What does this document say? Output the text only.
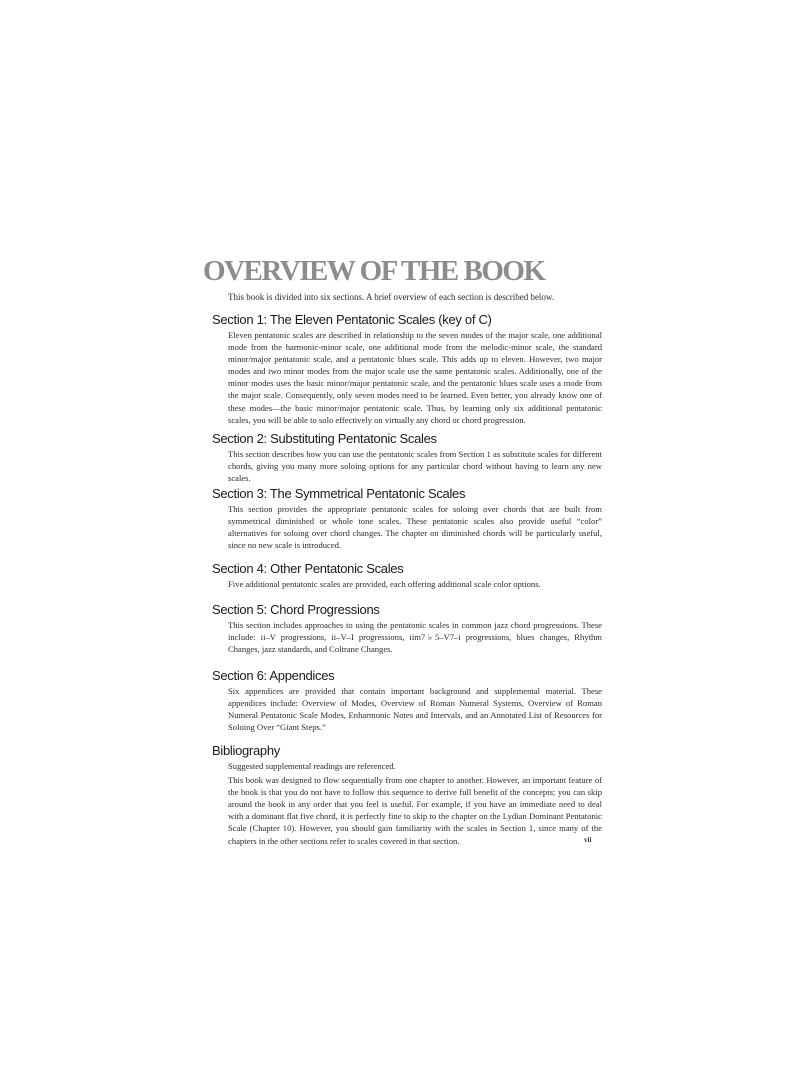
OVERVIEW OF THE BOOK

This book is divided into six sections. A brief overview of each section is described below.

Section 1: The Eleven Pentatonic Scales (key of C)

Eleven pentatonic scales are described in relationship to the seven modes of the major scale, one additional mode from the harmonic-minor scale, one additional mode from the melodic-minor scale, the standard minor/major pentatonic scale, and a pentatonic blues scale. This adds up to eleven. However, two major modes and two minor modes from the major scale use the same pentatonic scales. Additionally, one of the minor modes uses the basic minor/major pentatonic scale, and the pentatonic blues scale uses a mode from the major scale. Consequently, only seven modes need to be learned. Even better, you already know one of these modes—the basic minor/major pentatonic scale. Thus, by learning only six additional pentatonic scales, you will be able to solo effectively on virtually any chord or chord progression.

Section 2: Substituting Pentatonic Scales

This section describes how you can use the pentatonic scales from Section 1 as substitute scales for different chords, giving you many more soloing options for any particular chord without having to learn any new scales.

Section 3: The Symmetrical Pentatonic Scales

This section provides the appropriate pentatonic scales for soloing over chords that are built from symmetrical diminished or whole tone scales. These pentatonic scales also provide useful “color” alternatives for soloing over chord changes. The chapter on diminished chords will be particularly useful, since no new scale is introduced.

Section 4: Other Pentatonic Scales

Five additional pentatonic scales are provided, each offering additional scale color options.

Section 5: Chord Progressions

This section includes approaches to using the pentatonic scales in common jazz chord progressions. These include: ii–V progressions, ii–V–I progressions, iim7♭5–V7–i progressions, blues changes, Rhythm Changes, jazz standards, and Coltrane Changes.

Section 6: Appendices

Six appendices are provided that contain important background and supplemental material. These appendices include: Overview of Modes, Overview of Roman Numeral Systems, Overview of Roman Numeral Pentatonic Scale Modes, Enharmonic Notes and Intervals, and an Annotated List of Resources for Soloing Over “Giant Steps.”

Bibliography

Suggested supplemental readings are referenced.

This book was designed to flow sequentially from one chapter to another. However, an important feature of the book is that you do not have to follow this sequence to derive full benefit of the concepts; you can skip around the book in any order that you feel is useful. For example, if you have an immediate need to deal with a dominant flat five chord, it is perfectly fine to skip to the chapter on the Lydian Dominant Pentatonic Scale (Chapter 10). However, you should gain familiarity with the scales in Section 1, since many of the chapters in the other sections refer to scales covered in that section.	vii
